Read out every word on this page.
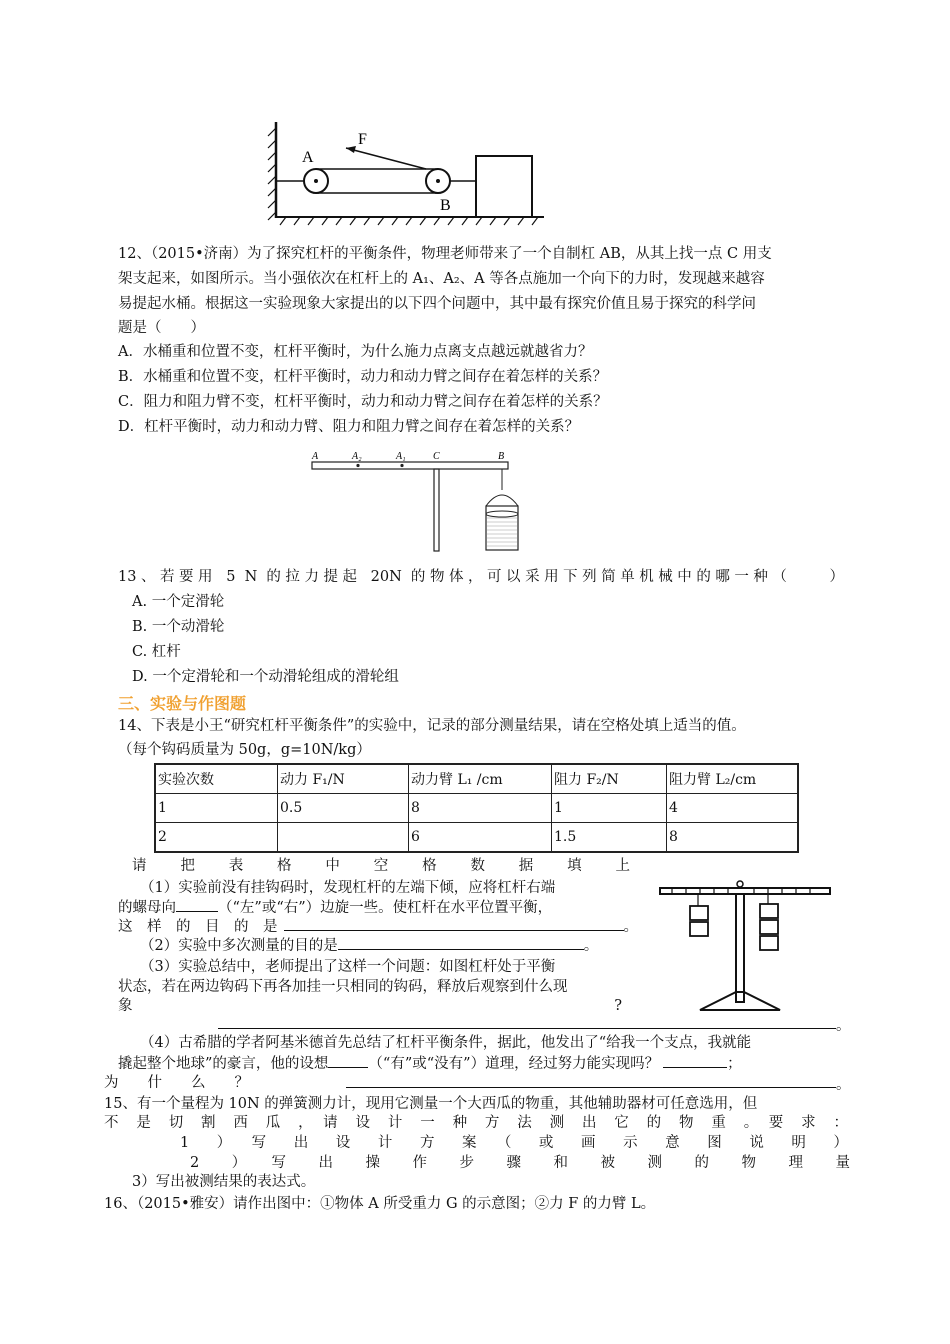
A
F
B
12、（2015•济南）为了探究杠杆的平衡条件，物理老师带来了一个自制杠 AB，从其上找一点 C 用支
架支起来，如图所示。当小强依次在杠杆上的 A₁、A₂、A 等各点施加一个向下的力时，发现越来越容
易提起水桶。根据这一实验现象大家提出的以下四个问题中，其中最有探究价值且易于探究的科学问
题是（　　）
A．水桶重和位置不变，杠杆平衡时，为什么施力点离支点越远就越省力？
B．水桶重和位置不变，杠杆平衡时，动力和动力臂之间存在着怎样的关系？
C．阻力和阻力臂不变，杠杆平衡时，动力和动力臂之间存在着怎样的关系？
D．杠杆平衡时，动力和动力臂、阻力和阻力臂之间存在着怎样的关系？
A	A₂	A₁	C	B
13、若要用 5 N 的拉力提起 20N 的物体，可以采用下列简单机械中的哪一种（　　）
A. 一个定滑轮
B. 一个动滑轮
C. 杠杆
D. 一个定滑轮和一个动滑轮组成的滑轮组
三、实验与作图题
14、下表是小王“研究杠杆平衡条件”的实验中，记录的部分测量结果，请在空格处填上适当的值。
（每个钩码质量为 50g，g=10N/kg）
实验次数	动力 F₁/N	动力臂 L₁ /cm	阻力 F₂/N	阻力臂 L₂/cm
1	0.5	8	1	4
2		6	1.5	8
请　把　表　格　中　空　格　数　据　填　上
（1）实验前没有挂钩码时，发现杠杆的左端下倾，应将杠杆右端
的螺母向	（“左”或“右”）边旋一些。使杠杆在水平位置平衡，
这　样　的　目　的　是	。
（2）实验中多次测量的目的是	。
（3）实验总结中，老师提出了这样一个问题：如图杠杆处于平衡
状态，若在两边钩码下再各加挂一只相同的钩码，释放后观察到什么现
象	?
。
（4）古希腊的学者阿基米德首先总结了杠杆平衡条件，据此，他发出了“给我一个支点，我就能
撬起整个地球”的豪言，他的设想	（“有”或“没有”）道理，经过努力能实现吗？	；
为　　什　　么　　？	。
15、有一个量程为 10N 的弹簧测力计，现用它测量一个大西瓜的物重，其他辅助器材可任意选用，但
不　是　切　割　西　瓜　，　请　设　计　一　种　方　法　测　出　它　的　物　重　。　要　求　：
1　）　写　出　设　计　方　案　（　或　画　示　意　图　说　明　）
2　）　写　出　操　作　步　骤　和　被　测　的　物　理　量
3）写出被测结果的表达式。
16、（2015•雅安）请作出图中：①物体 A 所受重力 G 的示意图；②力 F 的力臂 L。
